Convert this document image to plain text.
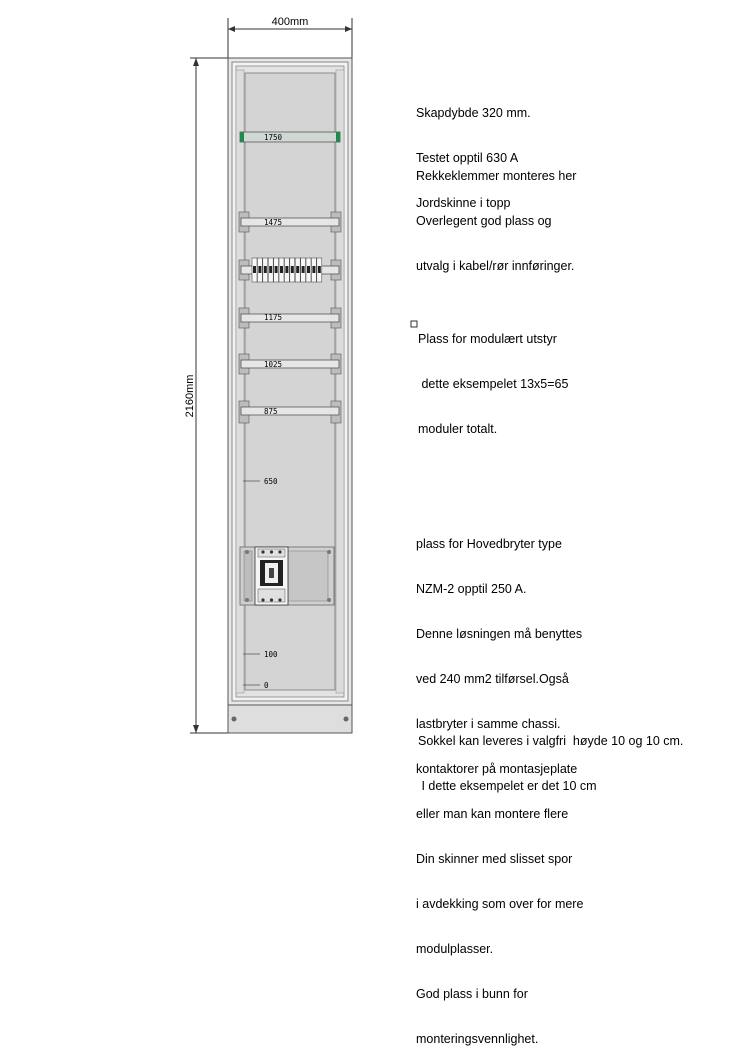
400mm
2160mm
1750
1475
1175
1025
875
650
100
0

Skapdybde 320 mm.

Testet opptil 630 A

Jordskinne i topp

Rekkeklemmer monteres her

Overlegent god plass og

utvalg i kabel/rør innføringer.

Plass for modulært utstyr

dette eksempelet 13x5=65

moduler totalt.

plass for Hovedbryter type

NZM-2 opptil 250 A.

Denne løsningen må benyttes

ved 240 mm2 tilførsel.Også

lastbryter i samme chassi.

kontaktorer på montasjeplate

eller man kan montere flere

Din skinner med slisset spor

i avdekking som over for mere

modulplasser.

God plass i bunn for

monteringsvennlighet.

Sokkel kan leveres i valgfri  høyde 10 og 10 cm.

I dette eksempelet er det 10 cm
